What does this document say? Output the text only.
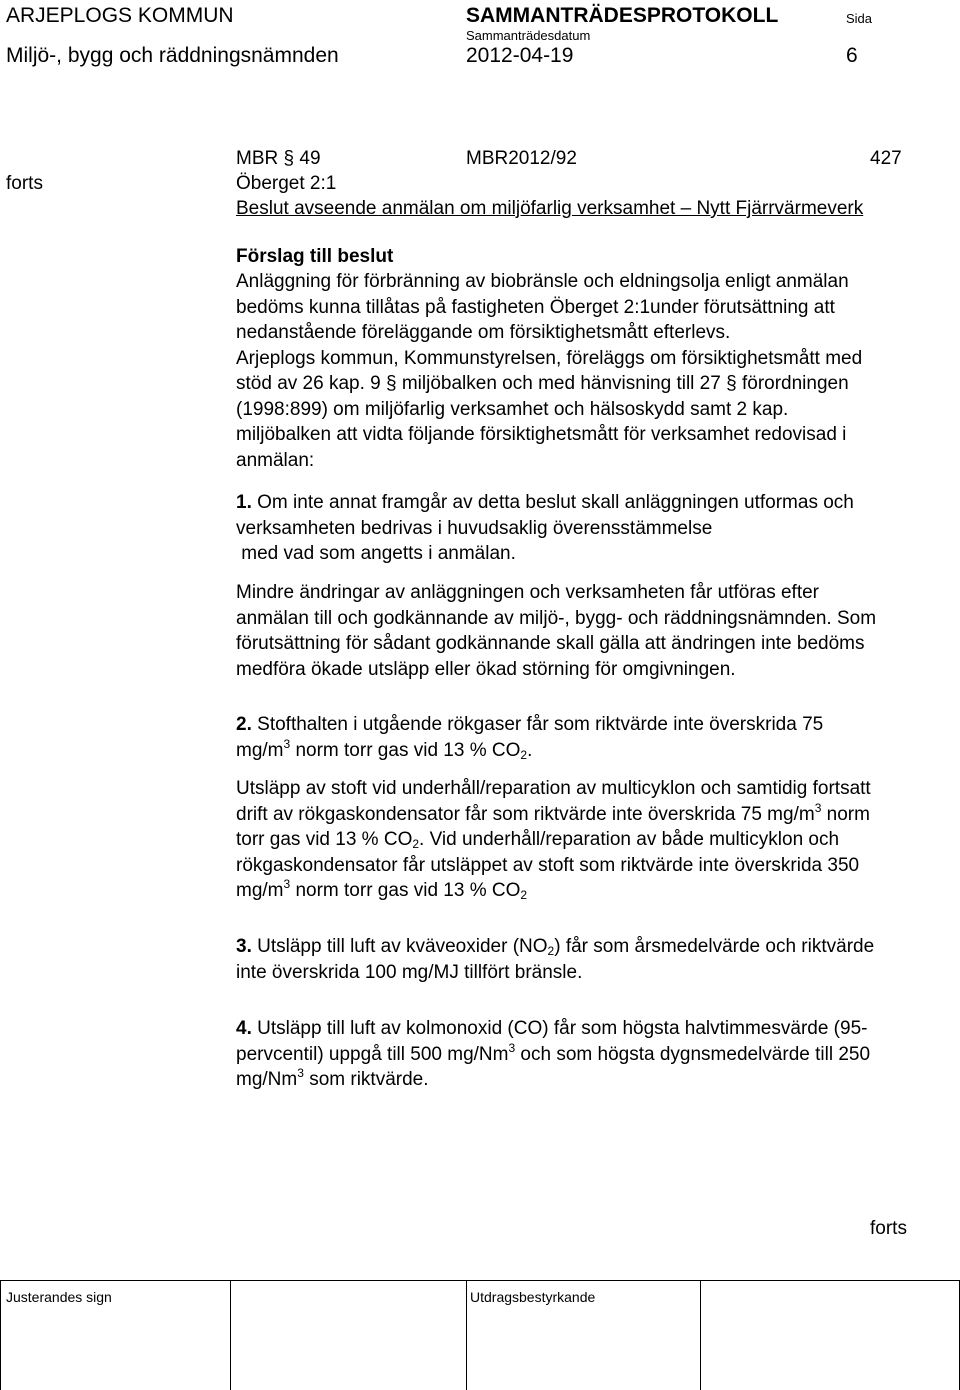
ARJEPLOGS KOMMUN	SAMMANTRÄDESPROTOKOLL	Sida
Sammanträdesdatum
Miljö-, bygg och räddningsnämnden	2012-04-19	6
MBR § 49	MBR2012/92	427
forts	Öberget 2:1
Beslut avseende anmälan om miljöfarlig verksamhet – Nytt Fjärrvärmeverk
Förslag till beslut
Anläggning för förbränning av biobränsle och eldningsolja enligt anmälan
bedöms kunna tillåtas på fastigheten Öberget 2:1under förutsättning att
nedanstående föreläggande om försiktighetsmått efterlevs.
Arjeplogs kommun, Kommunstyrelsen, föreläggs om försiktighetsmått med
stöd av 26 kap. 9 § miljöbalken och med hänvisning till 27 § förordningen
(1998:899) om miljöfarlig verksamhet och hälsoskydd samt 2 kap.
miljöbalken att vidta följande försiktighetsmått för verksamhet redovisad i
anmälan:
1. Om inte annat framgår av detta beslut skall anläggningen utformas och
verksamheten bedrivas i huvudsaklig överensstämmelse
med vad som angetts i anmälan.
Mindre ändringar av anläggningen och verksamheten får utföras efter
anmälan till och godkännande av miljö-, bygg- och räddningsnämnden. Som
förutsättning för sådant godkännande skall gälla att ändringen inte bedöms
medföra ökade utsläpp eller ökad störning för omgivningen.
2. Stofthalten i utgående rökgaser får som riktvärde inte överskrida 75
$mg/m^3$ norm torr gas vid 13 % $CO_2$.
Utsläpp av stoft vid underhåll/reparation av multicyklon och samtidig fortsatt
drift av rökgaskondensator får som riktvärde inte överskrida 75 $mg/m^3$ norm
torr gas vid 13 % $CO_2$. Vid underhåll/reparation av både multicyklon och
rökgaskondensator får utsläppet av stoft som riktvärde inte överskrida 350
$mg/m^3$ norm torr gas vid 13 % $CO_2$
3. Utsläpp till luft av kväveoxider $(NO_2)$ får som årsmedelvärde och riktvärde
inte överskrida 100 mg/MJ tillfört bränsle.
4. Utsläpp till luft av kolmonoxid (CO) får som högsta halvtimmesvärde (95-
pervcentil) uppgå till 500 mg/Nm$^3$ och som högsta dygnsmedelvärde till 250
mg/Nm$^3$ som riktvärde.
forts
Justerandes sign	Utdragsbestyrkande
